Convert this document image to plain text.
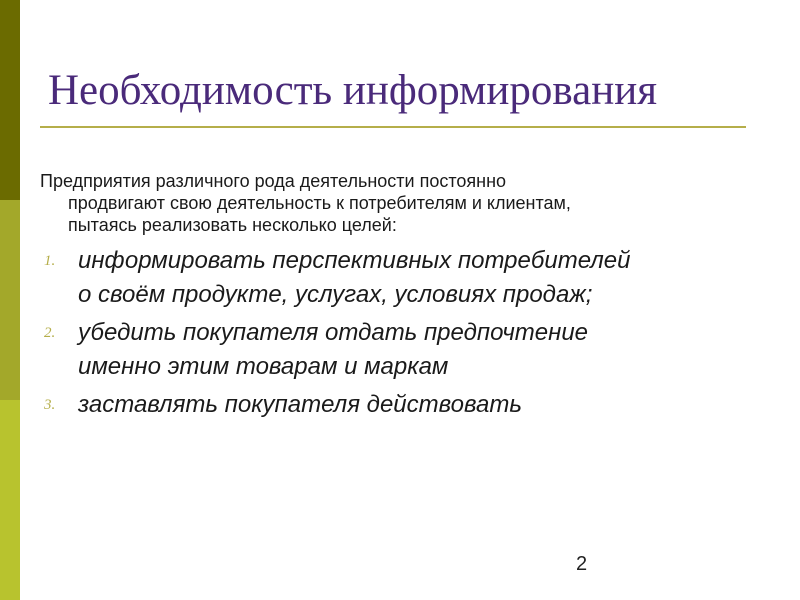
Необходимость информирования
Предприятия различного рода деятельности постоянно
продвигают свою деятельность к потребителям и клиентам,
пытаясь реализовать несколько целей:
1. информировать перспективных потребителей
о своём продукте, услугах, условиях продаж;
2. убедить покупателя отдать предпочтение
именно этим товарам и маркам
3. заставлять покупателя действовать
2
